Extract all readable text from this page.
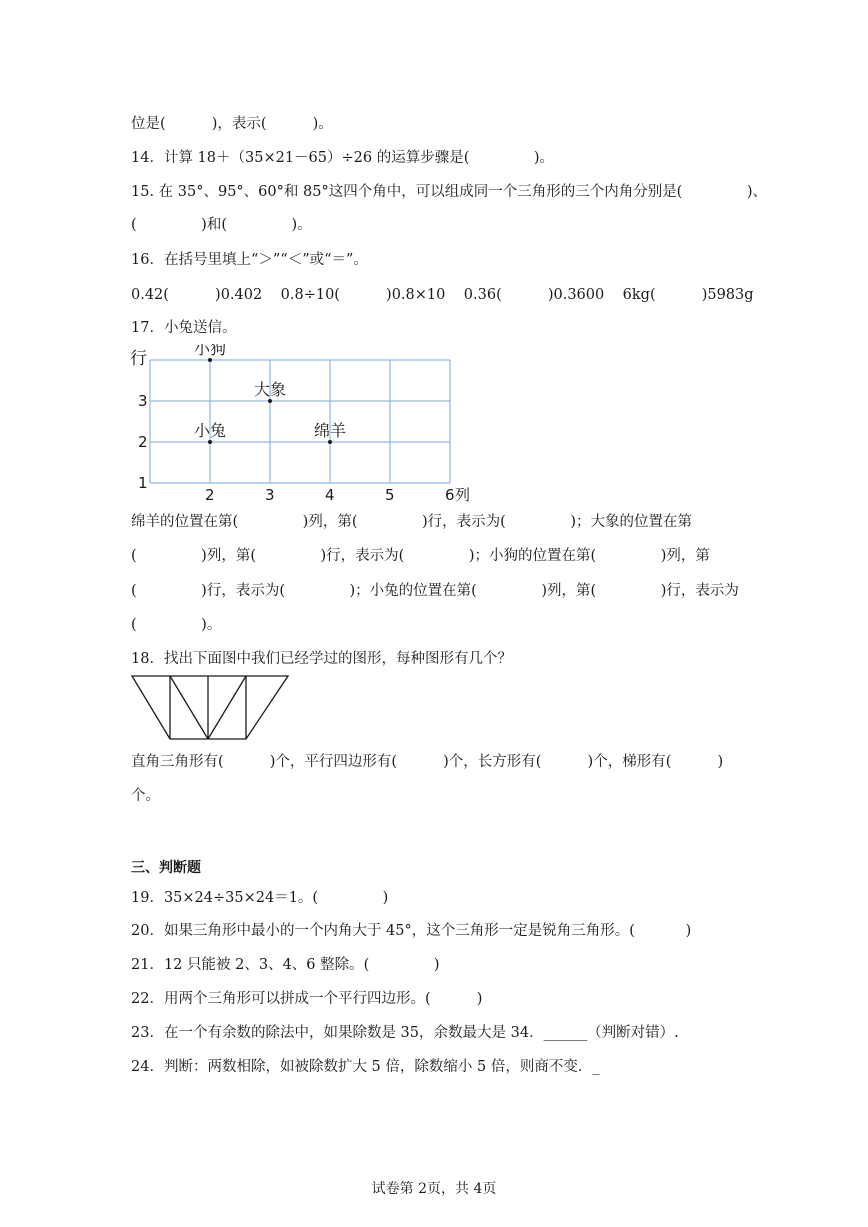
位是(          )，表示(          )。
14．计算 18＋（35×21－65）÷26 的运算步骤是(              )。
15. 在 35°、95°、60°和 85°这四个角中，可以组成同一个三角形的三个内角分别是(              )、
(              )和(              )。
16．在括号里填上“＞”“＜”或“＝”。
0.42(          )0.402    0.8÷10(          )0.8×10    0.36(          )0.3600    6kg(          )5983g
17．小兔送信。
行
1
2
3
2	3	4	5	6 列
小狗
大象
小兔	绵羊
绵羊的位置在第(              )列，第(              )行，表示为(              )；大象的位置在第
(              )列，第(              )行，表示为(              )；小狗的位置在第(              )列，第
(              )行，表示为(              )；小兔的位置在第(              )列，第(              )行，表示为
(              )。
18．找出下面图中我们已经学过的图形，每种图形有几个？
直角三角形有(          )个，平行四边形有(          )个，长方形有(          )个，梯形有(          )
个。
三、判断题
19．35×24÷35×24＝1。(              )
20．如果三角形中最小的一个内角大于 45°，这个三角形一定是锐角三角形。(           )
21．12 只能被 2、3、4、6 整除。(              )
22．用两个三角形可以拼成一个平行四边形。(          )
23．在一个有余数的除法中，如果除数是 35，余数最大是 34．______（判断对错）.
24．判断：两数相除，如被除数扩大 5 倍，除数缩小 5 倍，则商不变．_
试卷第 2页，共 4页
